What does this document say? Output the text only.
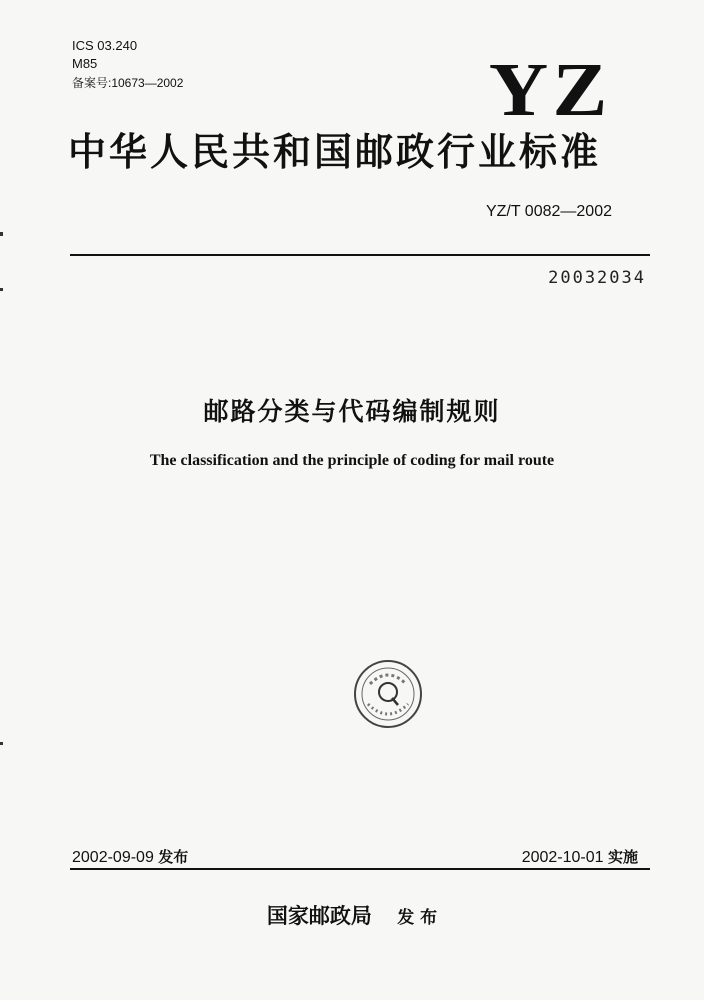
ICS 03.240
M85
备案号:10673—2002	YZ
中华人民共和国邮政行业标准
YZ/T 0082—2002
20032034
邮路分类与代码编制规则
The classification and the principle of coding for mail route
2002-09-09 发布	2002-10-01 实施
国家邮政局 发 布
